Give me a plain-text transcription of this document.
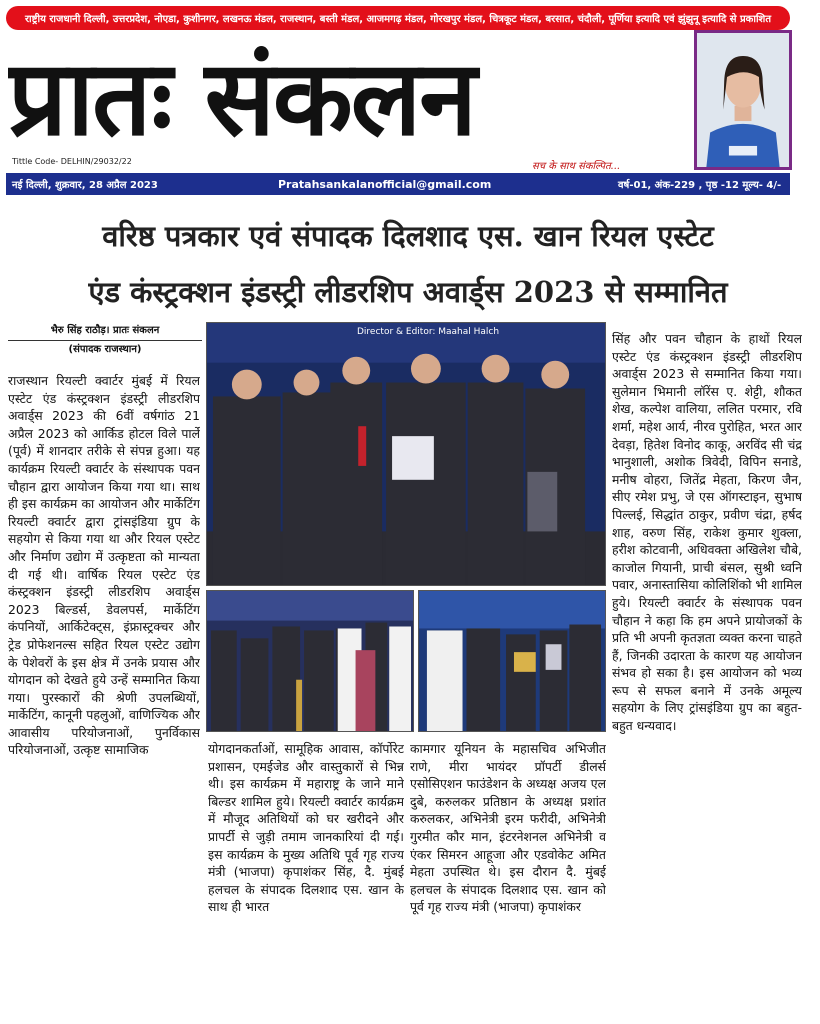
राष्ट्रीय राजधानी दिल्ली, उत्तरप्रदेश, नोएडा, कुशीनगर, लखनऊ मंडल, राजस्थान, बस्ती मंडल, आजमगढ़ मंडल, गोरखपुर मंडल, चित्रकूट मंडल, बरसात, चंदौली, पूर्णिया इत्यादि एवं झुंझुनू इत्यादि से प्रकाशित
प्रातः संकलन
Tittle Code- DELHIN/29032/22	सच के साथ संकल्पित...
नई दिल्ली, शुक्रवार, 28 अप्रैल 2023	Pratahsankalanofficial@gmail.com	वर्ष-01, अंक-229 , पृष्ठ -12 मूल्य- 4/-
वरिष्ठ पत्रकार एवं संपादक दिलशाद एस. खान रियल एस्टेट
एंड कंस्ट्रक्शन इंडस्ट्री लीडरशिप अवार्ड्स 2023 से सम्मानित
भैरु सिंह राठौड़। प्रातः संकलन
(संपादक राजस्थान)
राजस्थान रियल्टी क्वार्टर मुंबई में रियल एस्टेट एंड कंस्ट्रक्शन इंडस्ट्री लीडरशिप अवार्ड्स 2023 की 6वीं वर्षगांठ 21 अप्रैल 2023 को आर्किड होटल विले पार्ले (पूर्व) में शानदार तरीके से संपन्न हुआ। यह कार्यक्रम रियल्टी क्वार्टर के संस्थापक पवन चौहान द्वारा आयोजन किया गया था। साथ ही इस कार्यक्रम का आयोजन और मार्केटिंग रियल्टी क्वार्टर द्वारा ट्रांसइंडिया ग्रुप के सहयोग से किया गया था और रियल एस्टेट और निर्माण उद्योग में उत्कृष्टता को मान्यता दी गई थी। वार्षिक रियल एस्टेट एंड कंस्ट्रक्शन इंडस्ट्री लीडरशिप अवार्ड्स 2023 बिल्डर्स, डेवलपर्स, मार्केटिंग कंपनियों, आर्किटेक्ट्स, इंफ्रास्ट्रक्चर और ट्रेड प्रोफेशनल्स सहित रियल एस्टेट उद्योग के पेशेवरों के इस क्षेत्र में उनके प्रयास और योगदान को देखते हुये उन्हें सम्मानित किया गया। पुरस्कारों की श्रेणी उपलब्धियों, मार्केटिंग, कानूनी पहलुओं, वाणिज्यिक और आवासीय परियोजनाओं, पुनर्विकास परियोजनाओं, उत्कृष्ट सामाजिक
Director & Editor: Maahal Halch
योगदानकर्ताओं, सामूहिक आवास, कॉर्पोरेट प्रशासन, एमईजेड और वास्तुकारों से भिन्न थी। इस कार्यक्रम में महाराष्ट्र के जाने माने बिल्डर शामिल हुये। रियल्टी क्वार्टर कार्यक्रम में मौजूद अतिथियों को घर खरीदने और प्रापर्टी से जुड़ी तमाम जानकारियां दी गई। इस कार्यक्रम के मुख्य अतिथि पूर्व गृह राज्य मंत्री (भाजपा) कृपाशंकर सिंह, दै. मुंबई हलचल के संपादक दिलशाद एस. खान के साथ ही भारत
कामगार यूनियन के महासचिव अभिजीत राणे, मीरा भायंदर प्रॉपर्टी डीलर्स एसोसिएशन फाउंडेशन के अध्यक्ष अजय एल दुबे, करुलकर प्रतिष्ठान के अध्यक्ष प्रशांत करुलकर, अभिनेत्री इरम फरीदी, अभिनेत्री गुरमीत कौर मान, इंटरनेशनल अभिनेत्री व एंकर सिमरन आहूजा और एडवोकेट अमित मेहता उपस्थित थे। इस दौरान दै. मुंबई हलचल के संपादक दिलशाद एस. खान को पूर्व गृह राज्य मंत्री (भाजपा) कृपाशंकर
सिंह और पवन चौहान के हाथों रियल एस्टेट एंड कंस्ट्रक्शन इंडस्ट्री लीडरशिप अवार्ड्स 2023 से सम्मानित किया गया। सुलेमान भिमानी लॉरेंस ए. शेट्टी, शौकत शेख, कल्पेश वालिया, ललित परमार, रवि शर्मा, महेश आर्य, नीरव पुरोहित, भरत आर देवड़ा, हितेश विनोद काकू, अरविंद सी चंद्र भानुशाली, अशोक त्रिवेदी, विपिन सनाडे, मनीष वोहरा, जितेंद्र मेहता, किरण जैन, सीए रमेश प्रभु, जे एस ऑगस्टाइन, सुभाष पिल्लई, सिद्धांत ठाकुर, प्रवीण चंद्रा, हर्षद शाह, वरुण सिंह, राकेश कुमार शुक्ला, हरीश कोटवानी, अधिवक्ता अखिलेश चौबे, काजोल गियानी, प्राची बंसल, सुश्री ध्वनि पवार, अनास्तासिया कोलिशिंको भी शामिल हुये। रियल्टी क्वार्टर के संस्थापक पवन चौहान ने कहा कि हम अपने प्रायोजकों के प्रति भी अपनी कृतज्ञता व्यक्त करना चाहते हैं, जिनकी उदारता के कारण यह आयोजन संभव हो सका है। इस आयोजन को भव्य रूप से सफल बनाने में उनके अमूल्य सहयोग के लिए ट्रांसइंडिया ग्रुप का बहुत-बहुत धन्यवाद।
